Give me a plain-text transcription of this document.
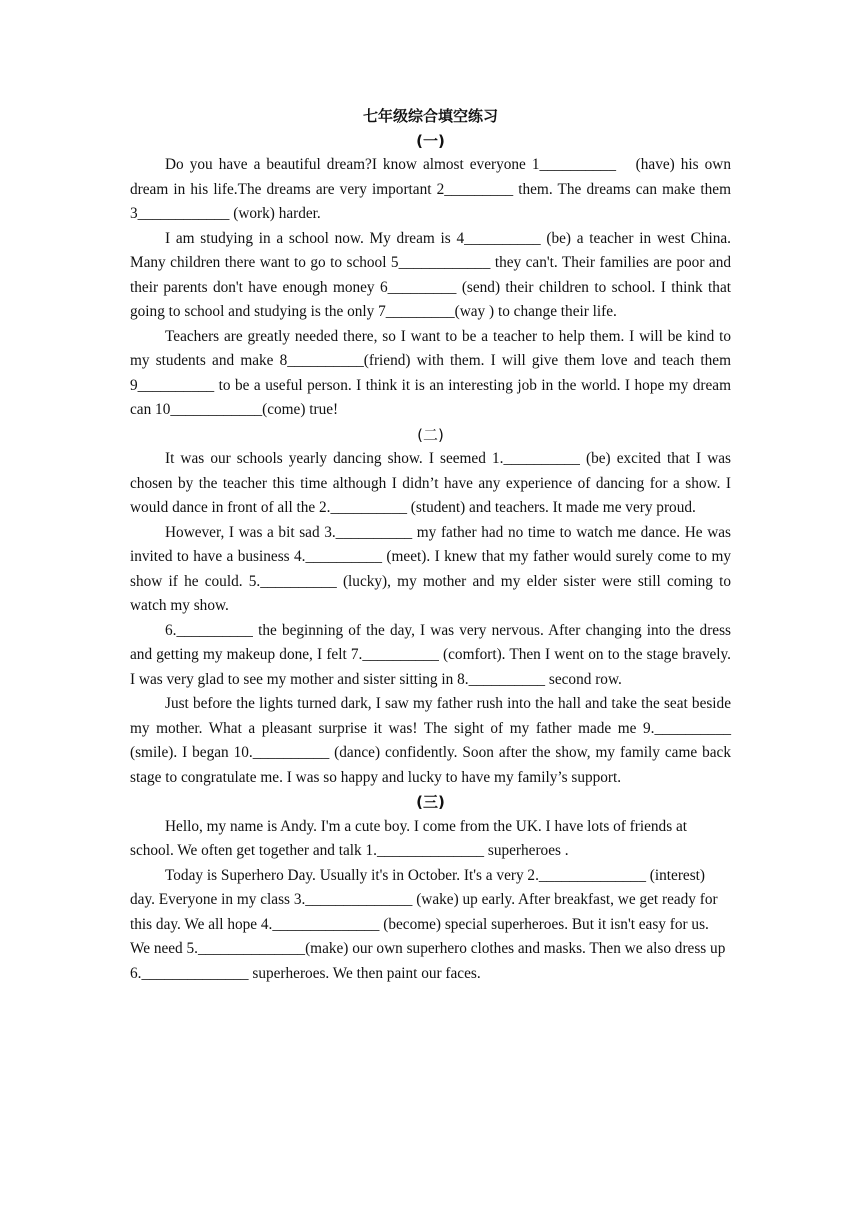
七年级综合填空练习
(一)

Do you have a beautiful dream?I know almost everyone 1__________　(have) his own dream in his life.The dreams are very important 2_________ them. The dreams can make them 3____________ (work) harder.

I am studying in a school now. My dream is 4__________ (be) a teacher in west China. Many children there want to go to school 5____________ they can't. Their families are poor and their parents don't have enough money 6_________ (send) their children to school. I think that going to school and studying is the only 7_________(way ) to change their life.

Teachers are greatly needed there, so I want to be a teacher to help them. I will be kind to my students and make 8__________(friend) with them. I will give them love and teach them 9__________ to be a useful person. I think it is an interesting job in the world. I hope my dream can 10____________(come) true!

(二)

It was our schools yearly dancing show. I seemed 1.__________ (be) excited that I was chosen by the teacher this time although I didn’t have any experience of dancing for a show. I would dance in front of all the 2.__________ (student) and teachers. It made me very proud.

However, I was a bit sad 3.__________ my father had no time to watch me dance. He was invited to have a business 4.__________ (meet). I knew that my father would surely come to my show if he could. 5.__________ (lucky), my mother and my elder sister were still coming to watch my show.

6.__________ the beginning of the day, I was very nervous. After changing into the dress and getting my makeup done, I felt 7.__________ (comfort). Then I went on to the stage bravely. I was very glad to see my mother and sister sitting in 8.__________ second row.

Just before the lights turned dark, I saw my father rush into the hall and take the seat beside my mother. What a pleasant surprise it was! The sight of my father made me 9.__________ (smile). I began 10.__________ (dance) confidently. Soon after the show, my family came back stage to congratulate me. I was so happy and lucky to have my family’s support.

(三)

Hello, my name is Andy. I'm a cute boy. I come from the UK. I have lots of friends at school. We often get together and talk 1.______________ superheroes .

Today is Superhero Day. Usually it's in October. It's a very 2.______________ (interest) day. Everyone in my class 3.______________ (wake) up early. After breakfast, we get ready for this day. We all hope 4.______________ (become) special superheroes. But it isn't easy for us. We need 5.______________(make) our own superhero clothes and masks. Then we also dress up 6.______________ superheroes. We then paint our faces.
